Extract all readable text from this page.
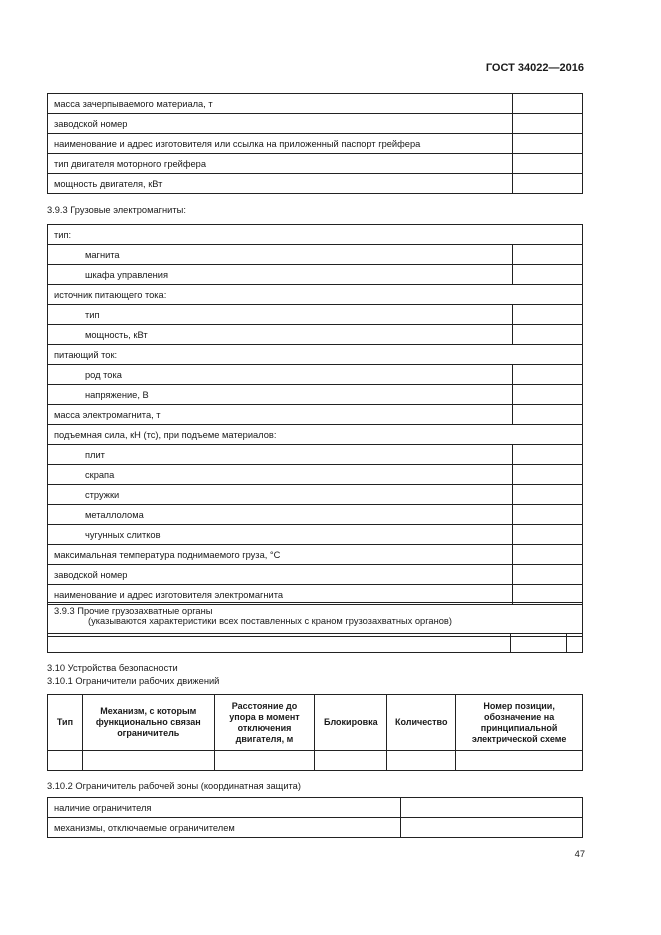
ГОСТ 34022—2016
масса зачерпываемого материала, т	
заводской номер	
наименование и адрес изготовителя или ссылка на приложенный паспорт грейфера	
тип двигателя моторного грейфера	
мощность двигателя, кВт	
3.9.3 Грузовые электромагниты:
тип:	
магнита	
шкафа управления	
источник питающего тока:	
тип	
мощность, кВт	
питающий ток:	
род тока	
напряжение, В	
масса электромагнита, т	
подъемная сила, кН (тс), при подъеме материалов:	
плит	
скрапа	
стружки	
металлолома	
чугунных слитков	
максимальная температура поднимаемого груза, °С	
заводской номер	
наименование и адрес изготовителя электромагнита	
3.9.3 Прочие грузозахватные органы
(указываются характеристики всех поставленных с краном грузозахватных органов)

3.10 Устройства безопасности
3.10.1 Ограничители рабочих движений
Тип	Механизм, с которым функционально связан ограничитель	Расстояние до упора в момент отключения двигателя, м	Блокировка	Количество	Номер позиции, обозначение на принципиальной электрической схеме

3.10.2 Ограничитель рабочей зоны (координатная защита)
наличие ограничителя	
механизмы, отключаемые ограничителем	
47
